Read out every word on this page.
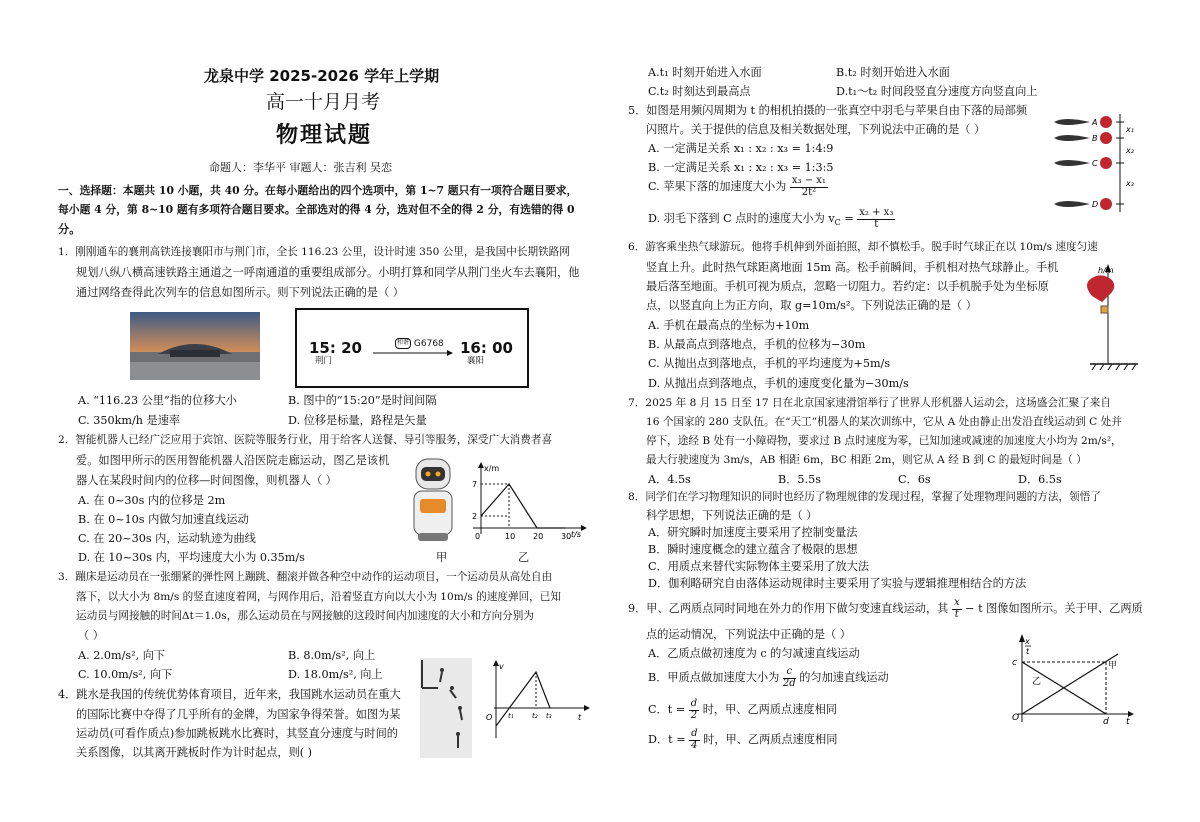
龙泉中学 2025-2026 学年上学期
高一十月月考
物理试题
命题人：李华平 审题人：张吉利 吴恋
一、选择题：本题共 10 小题，共 40 分。在每小题给出的四个选项中，第 1~7 题只有一项符合题目要求，
每小题 4 分，第 8~10 题有多项符合题目要求。全部选对的得 4 分，选对但不全的得 2 分，有选错的得 0
分。
1．刚刚通车的襄荆高铁连接襄阳市与荆门市，全长 116.23 公里，设计时速 350 公里，是我国中长期铁路网
规划八纵八横高速铁路主通道之一呼南通道的重要组成部分。小明打算和同学从荆门坐火车去襄阳，他
通过网络查得此次列车的信息如图所示。则下列说法正确的是（ ）
15: 20
荆门
和谐 G6768 16: 00
襄阳
A. “116.23 公里”指的位移大小	B. 图中的“15:20”是时间间隔
C. 350km/h 是速率	D. 位移是标量，路程是矢量
2．智能机器人已经广泛应用于宾馆、医院等服务行业，用于给客人送餐、导引等服务，深受广大消费者喜
爱。如图甲所示的医用智能机器人沿医院走廊运动，图乙是该机
器人在某段时间内的位移—时间图像，则机器人（ ）
A. 在 0~30s 内的位移是 2m
B. 在 0~10s 内做匀加速直线运动
C. 在 20~30s 内，运动轨迹为曲线
D. 在 10~30s 内，平均速度大小为 0.35m/s	甲
x/m
7
2
0	10 20 30 t/s
乙
3．蹦床是运动员在一张绷紧的弹性网上蹦跳、翻滚并做各种空中动作的运动项目，一个运动员从高处自由
落下，以大小为 8m/s 的竖直速度着网，与网作用后，沿着竖直方向以大小为 10m/s 的速度弹回，已知
运动员与网接触的时间Δt＝1.0s，那么运动员在与网接触的这段时间内加速度的大小和方向分别为
（ ）
A. 2.0m/s², 向下	B. 8.0m/s², 向上
C. 10.0m/s², 向下	D. 18.0m/s², 向上
4．跳水是我国的传统优势体育项目，近年来，我国跳水运动员在重大
的国际比赛中夺得了几乎所有的金牌，为国家争得荣誉。如图为某
运动员(可看作质点)参加跳板跳水比赛时，其竖直分速度与时间的
关系图像，以其离开跳板时作为计时起点，则( )
v
O t₁	t₂ t₃	t
A.t₁ 时刻开始进入水面	B.t₂ 时刻开始进入水面
C.t₂ 时刻达到最高点	D.t₁～t₂ 时间段竖直分速度方向竖直向上
5．如图是用频闪周期为 t 的相机拍摄的一张真空中羽毛与苹果自由下落的局部频
闪照片。关于提供的信息及相关数据处理，下列说法中正确的是（ ）
A. 一定满足关系 x₁ : x₂ : x₃ = 1:4:9
B. 一定满足关系 x₁ : x₂ : x₃ = 1:3:5
C. 苹果下落的加速度大小为 $\frac{\text{x₃ − x₁}}{\text{2t²}}$
D. 羽毛下落到 C 点时的速度大小为 $v_C = \frac{\text{x₂ + x₃}}{t}$
A
B
C
D
x₁
x₂
x₃
6．游客乘坐热气球游玩。他将手机伸到外面拍照，却不慎松手。脱手时气球正在以 10m/s 速度匀速
竖直上升。此时热气球距离地面 15m 高。松手前瞬间，手机相对热气球静止。手机
最后落至地面。手机可视为质点，忽略一切阻力。若约定：以手机脱手处为坐标原
点，以竖直向上为正方向，取 g=10m/s²。下列说法正确的是（ ）
A. 手机在最高点的坐标为+10m
B. 从最高点到落地点，手机的位移为−30m
C. 从抛出点到落地点，手机的平均速度为+5m/s
D. 从抛出点到落地点，手机的速度变化量为−30m/s
h/m
7．2025 年 8 月 15 日至 17 日在北京国家速滑馆举行了世界人形机器人运动会，这场盛会汇聚了来自
16 个国家的 280 支队伍。在“天工”机器人的某次训练中，它从 A 处由静止出发沿直线运动到 C 处并
停下，途经 B 处有一小障碍物，要求过 B 点时速度为零，已知加速或减速的加速度大小均为 2m/s²，
最大行驶速度为 3m/s，AB 相距 6m，BC 相距 2m，则它从 A 经 B 到 C 的最短时间是（ ）
A．4.5s	B．5.5s	C．6s	D．6.5s
8．同学们在学习物理知识的同时也经历了物理规律的发现过程，掌握了处理物理问题的方法，领悟了
科学思想，下列说法正确的是（ ）
A．研究瞬时加速度主要采用了控制变量法
B．瞬时速度概念的建立蕴含了极限的思想
C．用质点来替代实际物体主要采用了放大法
D．伽利略研究自由落体运动规律时主要采用了实验与逻辑推理相结合的方法
9．甲、乙两质点同时同地在外力的作用下做匀变速直线运动，其 $\frac{x}{t} - t$ 图像如图所示。关于甲、乙两质
点的运动情况，下列说法中正确的是（ ）
A．乙质点做初速度为 c 的匀减速直线运动
B．甲质点做加速度大小为 $\frac{c}{2d}$ 的匀加速直线运动
C．$t = \frac{d}{2}$ 时，甲、乙两质点速度相同
D．$t = \frac{d}{4}$ 时，甲、乙两质点速度相同
x
t
c
O	d t
甲
乙
